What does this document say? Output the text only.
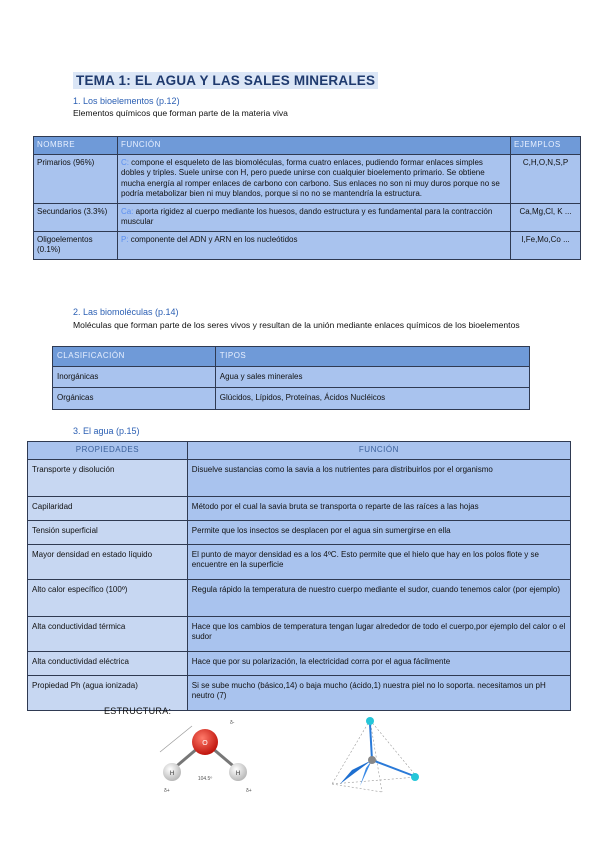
TEMA 1: EL AGUA Y LAS SALES MINERALES
1. Los bioelementos (p.12)
Elementos químicos que forman parte de la materia viva
NOMBRE	FUNCIÓN	EJEMPLOS
Primarios (96%)	C: compone el esqueleto de las biomoléculas, forma cuatro enlaces, pudiendo formar enlaces simples dobles y triples. Suele unirse con H, pero puede unirse con cualquier bioelemento primario. Se obtiene mucha energía al romper enlaces de carbono con carbono. Sus enlaces no son ni muy duros porque no se podría metabolizar bien ni muy blandos, porque si no no se mantendría la estructura.	C,H,O,N,S,P
Secundarios (3.3%)	Ca: aporta rigidez al cuerpo mediante los huesos, dando estructura y es fundamental para la contracción muscular	Ca,Mg,Cl, K ...
Oligoelementos (0.1%)	P: componente del ADN y ARN en los nucleótidos	I,Fe,Mo,Co ...
2. Las biomoléculas (p.14)
Moléculas que forman parte de los seres vivos y resultan de la unión mediante enlaces químicos de los bioelementos
CLASIFICACIÓN	TIPOS
Inorgánicas	Agua y sales minerales
Orgánicas	Glúcidos, Lípidos, Proteínas, Ácidos Nucléicos
3. El agua (p.15)
PROPIEDADES	FUNCIÓN
Transporte y disolución	Disuelve sustancias como la savia a los nutrientes para distribuirlos por el organismo
Capilaridad	Método por el cual la savia bruta se transporta o reparte de las raíces a las hojas
Tensión superficial	Permite que los insectos se desplacen por el agua sin sumergirse en ella
Mayor densidad en estado líquido	El punto de mayor densidad es a los 4ºC. Esto permite que el hielo que hay en los polos flote y se encuentre en la superficie
Alto calor específico (100º)	Regula rápido la temperatura de nuestro cuerpo mediante el sudor, cuando tenemos calor (por ejemplo)
Alta conductividad térmica	Hace que los cambios de temperatura tengan lugar alrededor de todo el cuerpo,por ejemplo del calor o el sudor
Alta conductividad eléctrica	Hace que por su polarización, la electricidad corra por el agua fácilmente
Propiedad Ph (agua ionizada)	Si se sube mucho (básico,14) o baja mucho (ácido,1) nuestra piel no lo soporta. necesitamos un pH neutro (7)
ESTRUCTURA:
O
H	H
104.5º
δ-
δ+	δ+
